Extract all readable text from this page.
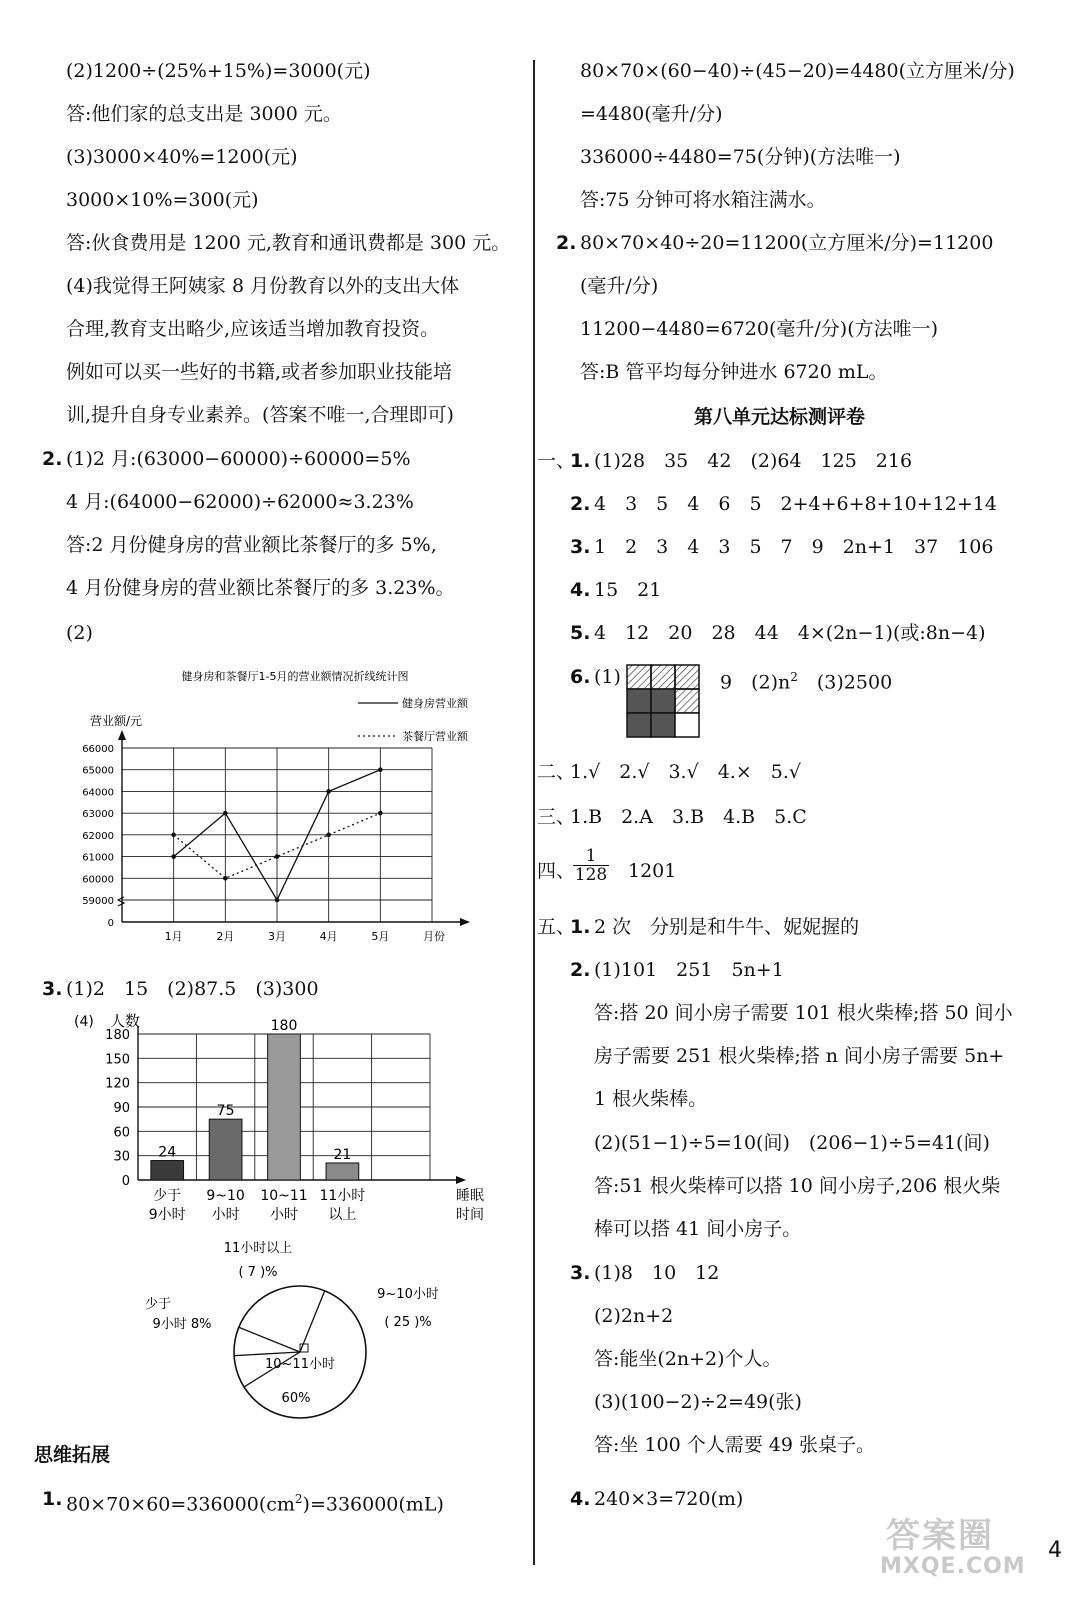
(2)1200÷(25%+15%)=3000(元)
答:他们家的总支出是 3000 元。
(3)3000×40%=1200(元)
3000×10%=300(元)
答:伙食费用是 1200 元,教育和通讯费都是 300 元。
(4)我觉得王阿姨家 8 月份教育以外的支出大体
合理,教育支出略少,应该适当增加教育投资。
例如可以买一些好的书籍,或者参加职业技能培
训,提升自身专业素养。(答案不唯一,合理即可)
2. (1)2 月:(63000−60000)÷60000=5%
4 月:(64000−62000)÷62000≈3.23%
答:2 月份健身房的营业额比茶餐厅的多 5%,
4 月份健身房的营业额比茶餐厅的多 3.23%。
(2)
健身房和茶餐厅1-5月的营业额情况折线统计图
营业额/元
健身房营业额
茶餐厅营业额
0
59000
60000
61000
62000
63000
64000
65000
66000
1月	2月	3月	4月	5月	月份
3. (1)2　15　(2)87.5　(3)300
(4) 人数
0
30
60
90
120
150
180
24
少于
9小时
75
9~10
小时
180
10~11
小时
21
11小时
以上
睡眠
时间
少于
9小时 8%
11小时以上
( 7 )%
9~10小时
( 25 )%
10~11小时
60%
思维拓展
1. $80\times 70\times 60=336000(cm^2)=336000(mL)$
80×70×(60−40)÷(45−20)=4480(立方厘米/分)
=4480(毫升/分)
336000÷4480=75(分钟)(方法唯一)
答:75 分钟可将水箱注满水。
2. 80×70×40÷20=11200(立方厘米/分)=11200
(毫升/分)
11200−4480=6720(毫升/分)(方法唯一)
答:B 管平均每分钟进水 6720 mL。
第八单元达标测评卷
一、
1. (1)28　35　42　(2)64　125　216
2. 4　3　5　4　6　5　2+4+6+8+10+12+14
3. 1　2　3　4　3　5　7　9　2n+1　37　106
4. 15　21
5. 4　12　20　28　44　4×(2n−1)(或:8n−4)
6. (1)	9　$(2)n^2$　(3)2500
二、
1.√　2.√　3.√　4.×　5.√
三、
1.B　2.A　3.B　4.B　5.C
四、
$\frac{1}{128} 1201$
五、
1. 2 次　分别是和牛牛、妮妮握的
2. (1)101　251　5n+1
答:搭 20 间小房子需要 101 根火柴棒;搭 50 间小
房子需要 251 根火柴棒;搭 n 间小房子需要 5n+
1 根火柴棒。
(2)(51−1)÷5=10(间)　(206−1)÷5=41(间)
答:51 根火柴棒可以搭 10 间小房子,206 根火柴
棒可以搭 41 间小房子。
3. (1)8　10　12
(2)2n+2
答:能坐(2n+2)个人。
(3)(100−2)÷2=49(张)
答:坐 100 个人需要 49 张桌子。
4. 240×3=720(m)
答案圈
MXQE.COM
4
